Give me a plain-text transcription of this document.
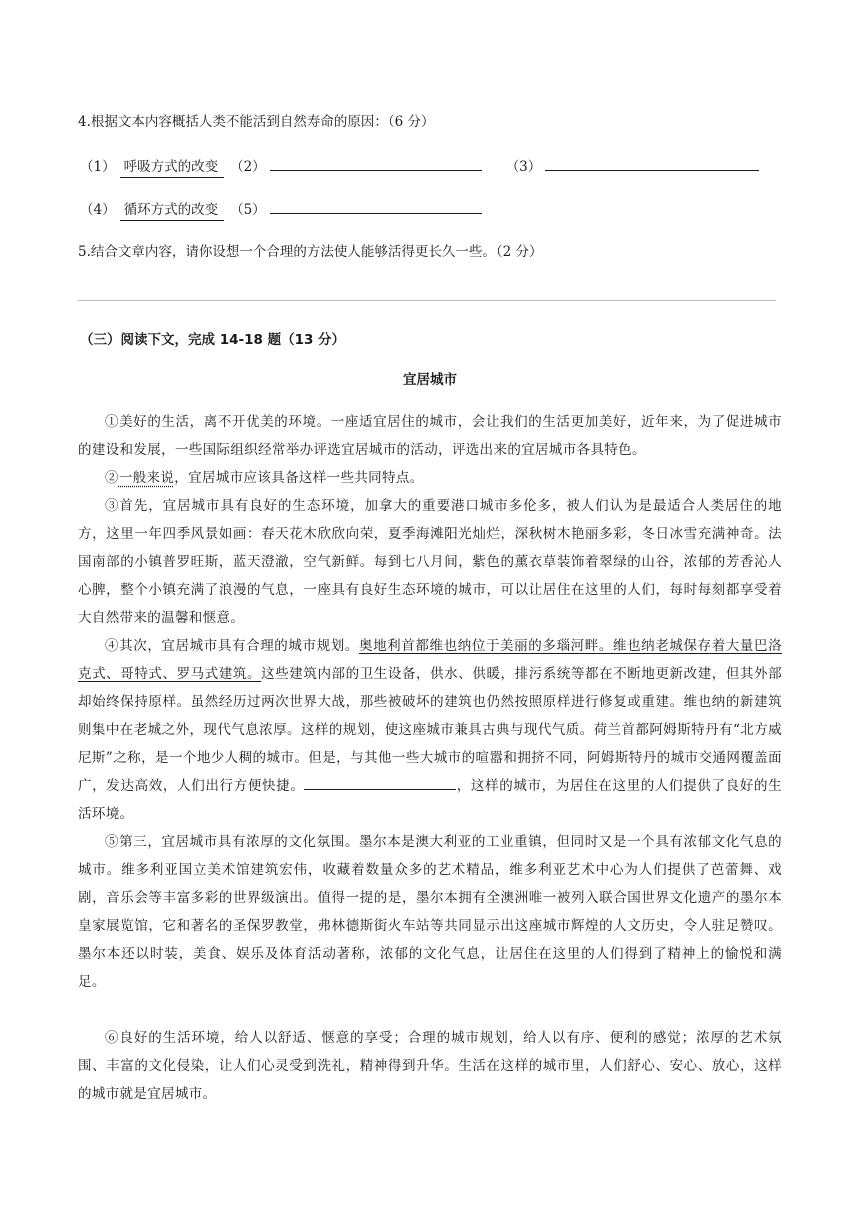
4.根据文本内容概括人类不能活到自然寿命的原因：（6 分）
（1） 呼吸方式的改变 （2）	（3）
（4） 循环方式的改变 （5）
5.结合文章内容，请你设想一个合理的方法使人能够活得更长久一些。（2 分）
（三）阅读下文，完成 14-18 题（13 分）
宜居城市
①美好的生活，离不开优美的环境。一座适宜居住的城市，会让我们的生活更加美好，近年来，为了促进城市的建设和发展，一些国际组织经常举办评选宜居城市的活动，评选出来的宜居城市各具特色。
②一般来说，宜居城市应该具备这样一些共同特点。
③首先，宜居城市具有良好的生态环境，加拿大的重要港口城市多伦多，被人们认为是最适合人类居住的地方，这里一年四季风景如画：春天花木欣欣向荣，夏季海滩阳光灿烂，深秋树木艳丽多彩，冬日冰雪充满神奇。法国南部的小镇普罗旺斯，蓝天澄澈，空气新鲜。每到七八月间，紫色的薰衣草装饰着翠绿的山谷，浓郁的芳香沁人心脾，整个小镇充满了浪漫的气息，一座具有良好生态环境的城市，可以让居住在这里的人们，每时每刻都享受着大自然带来的温馨和惬意。
④其次，宜居城市具有合理的城市规划。奥地利首都维也纳位于美丽的多瑙河畔。维也纳老城保存着大量巴洛克式、哥特式、罗马式建筑。这些建筑内部的卫生设备，供水、供暖，排污系统等都在不断地更新改建，但其外部却始终保持原样。虽然经历过两次世界大战，那些被破坏的建筑也仍然按照原样进行修复或重建。维也纳的新建筑则集中在老城之外，现代气息浓厚。这样的规划，使这座城市兼具古典与现代气质。荷兰首都阿姆斯特丹有“北方威尼斯”之称，是一个地少人稠的城市。但是，与其他一些大城市的喧嚣和拥挤不同，阿姆斯特丹的城市交通网覆盖面广，发达高效，人们出行方便快捷。	，这样的城市，为居住在这里的人们提供了良好的生活环境。
⑤第三，宜居城市具有浓厚的文化氛围。墨尔本是澳大利亚的工业重镇，但同时又是一个具有浓郁文化气息的城市。维多利亚国立美术馆建筑宏伟，收藏着数量众多的艺术精品，维多利亚艺术中心为人们提供了芭蕾舞、戏剧，音乐会等丰富多彩的世界级演出。值得一提的是，墨尔本拥有全澳洲唯一被列入联合国世界文化遗产的墨尔本皇家展览馆，它和著名的圣保罗教堂，弗林德斯街火车站等共同显示出这座城市辉煌的人文历史，令人驻足赞叹。墨尔本还以时装，美食、娱乐及体育活动著称，浓郁的文化气息，让居住在这里的人们得到了精神上的愉悦和满足。
⑥良好的生活环境，给人以舒适、惬意的享受；合理的城市规划，给人以有序、便利的感觉；浓厚的艺术氛围、丰富的文化侵染，让人们心灵受到洗礼，精神得到升华。生活在这样的城市里，人们舒心、安心、放心，这样的城市就是宜居城市。
